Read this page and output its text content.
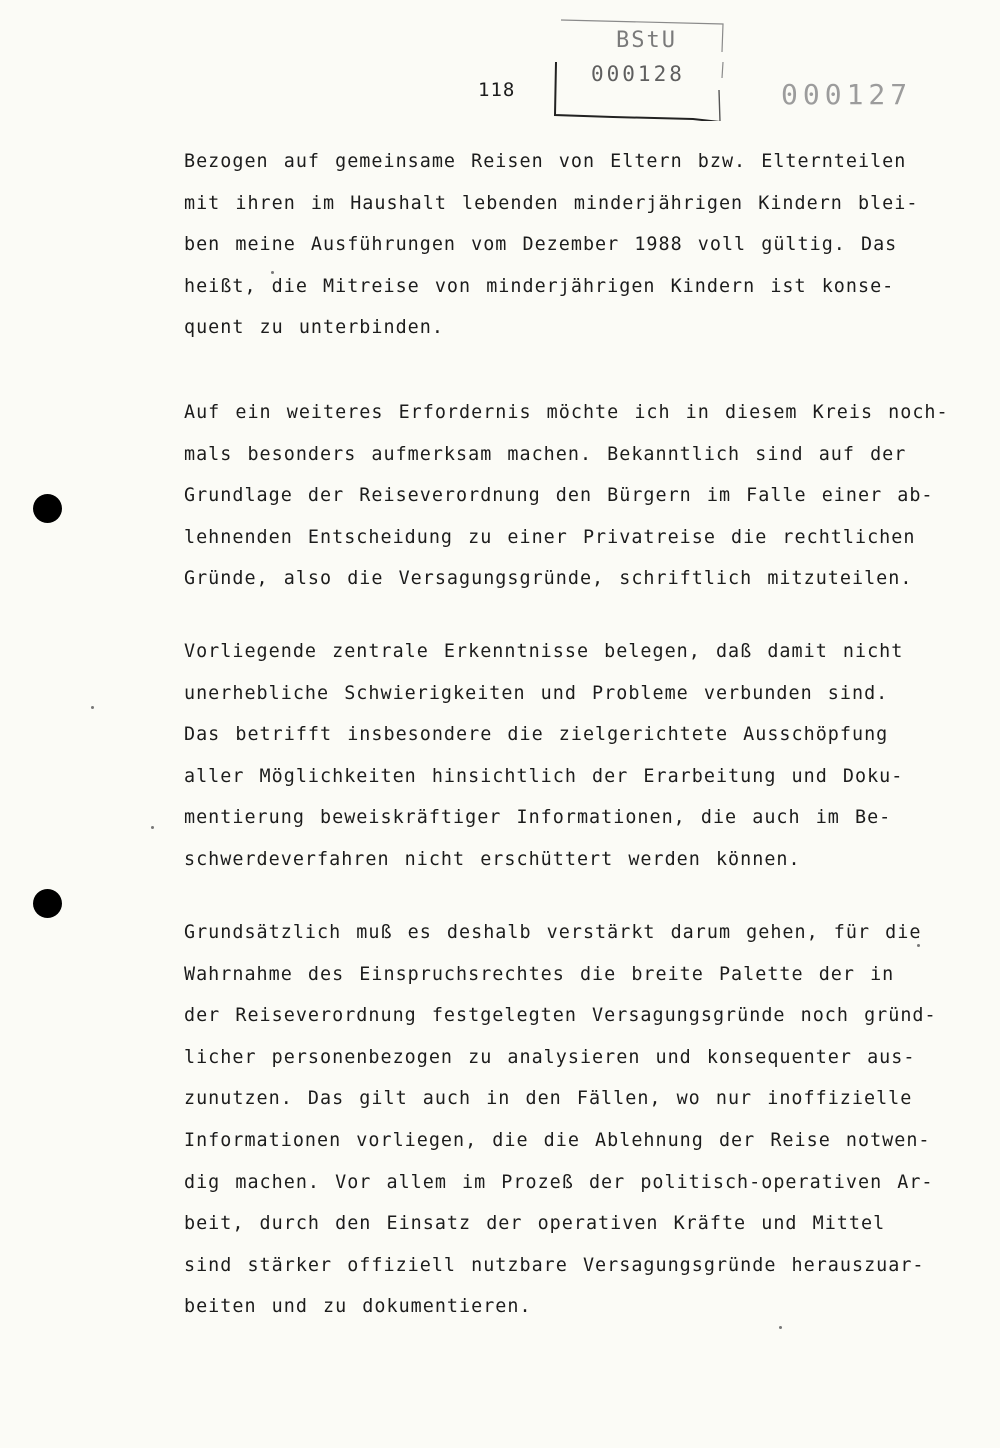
118
BStU
000128
000127
Bezogen auf gemeinsame Reisen von Eltern bzw. Elternteilen
mit ihren im Haushalt lebenden minderjährigen Kindern blei-
ben meine Ausführungen vom Dezember 1988 voll gültig. Das
heißt, die Mitreise von minderjährigen Kindern ist konse-
quent zu unterbinden.
Auf ein weiteres Erfordernis möchte ich in diesem Kreis noch-
mals besonders aufmerksam machen. Bekanntlich sind auf der
Grundlage der Reiseverordnung den Bürgern im Falle einer ab-
lehnenden Entscheidung zu einer Privatreise die rechtlichen
Gründe, also die Versagungsgründe, schriftlich mitzuteilen.
Vorliegende zentrale Erkenntnisse belegen, daß damit nicht
unerhebliche Schwierigkeiten und Probleme verbunden sind.
Das betrifft insbesondere die zielgerichtete Ausschöpfung
aller Möglichkeiten hinsichtlich der Erarbeitung und Doku-
mentierung beweiskräftiger Informationen, die auch im Be-
schwerdeverfahren nicht erschüttert werden können.
Grundsätzlich muß es deshalb verstärkt darum gehen, für die
Wahrnahme des Einspruchsrechtes die breite Palette der in
der Reiseverordnung festgelegten Versagungsgründe noch gründ-
licher personenbezogen zu analysieren und konsequenter aus-
zunutzen. Das gilt auch in den Fällen, wo nur inoffizielle
Informationen vorliegen, die die Ablehnung der Reise notwen-
dig machen. Vor allem im Prozeß der politisch-operativen Ar-
beit, durch den Einsatz der operativen Kräfte und Mittel
sind stärker offiziell nutzbare Versagungsgründe herauszuar-
beiten und zu dokumentieren.
